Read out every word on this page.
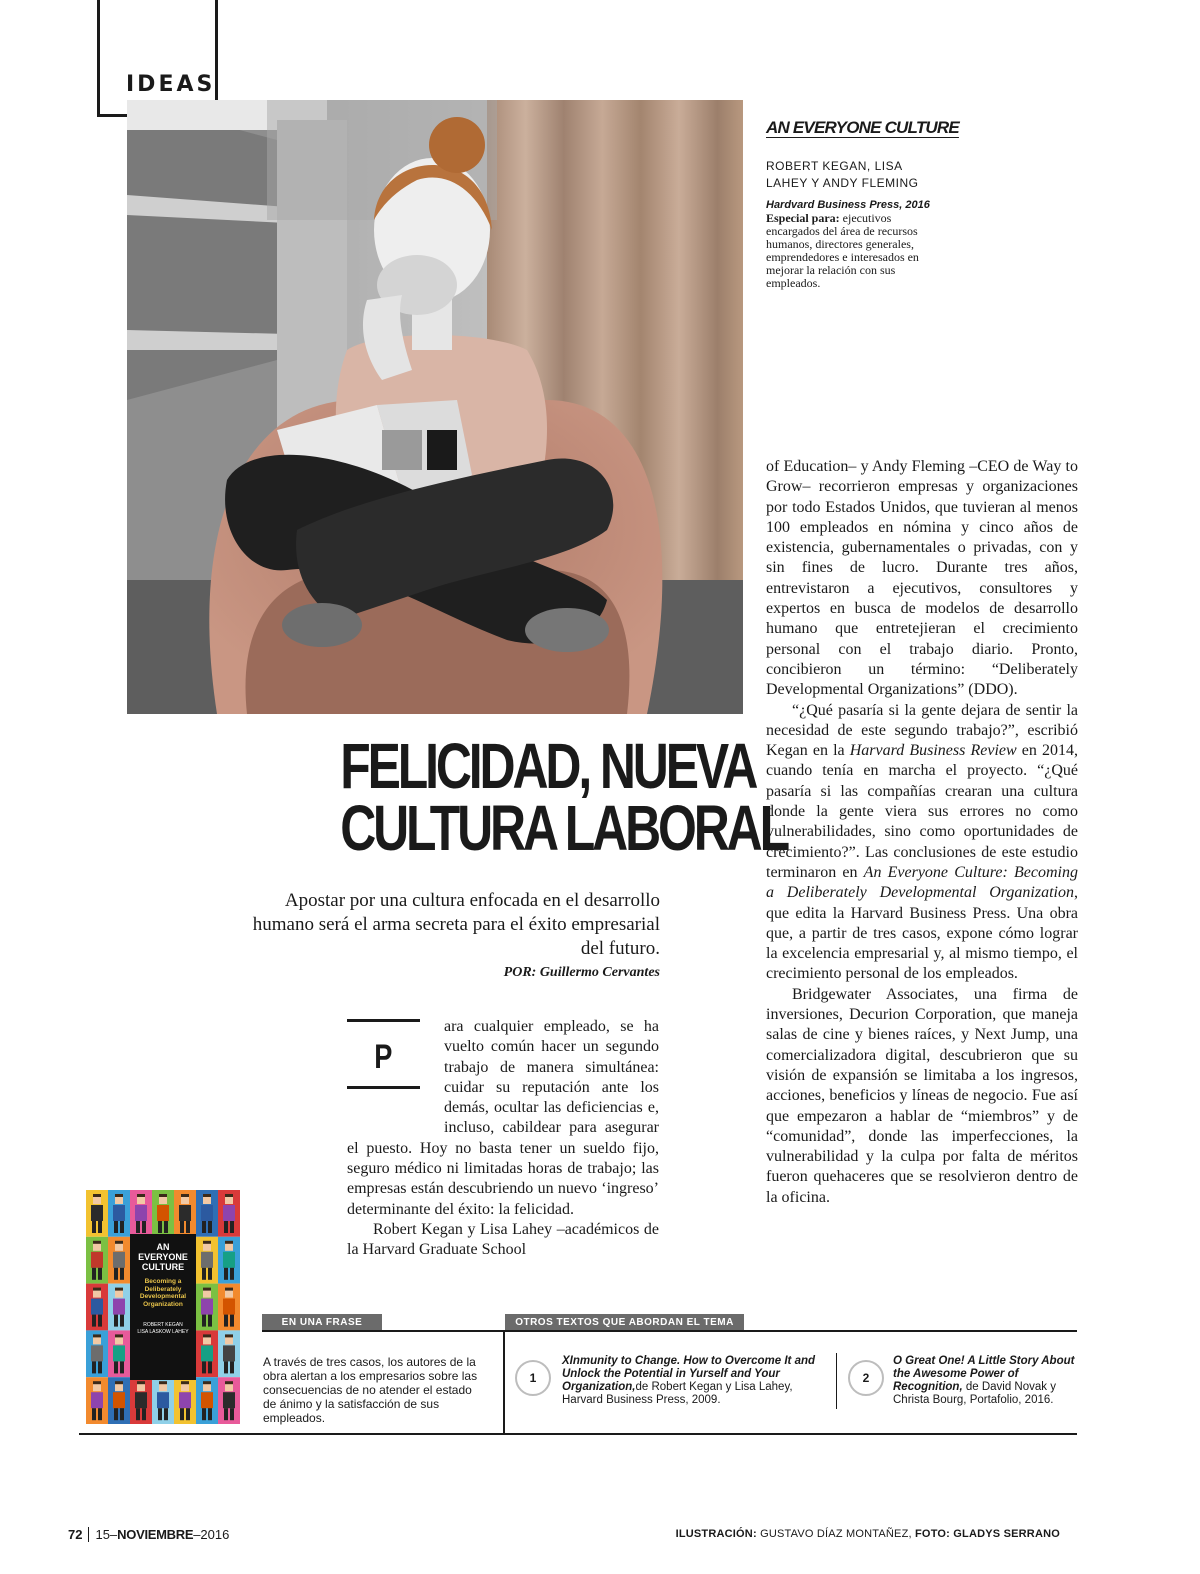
IDEAS
AN EVERYONE CULTURE
ROBERT KEGAN, LISA
LAHEY Y ANDY FLEMING
Hardvard Business Press, 2016
Especial para: ejecutivos encargados del área de recursos humanos, directores generales, emprendedores e interesados en mejorar la relación con sus empleados.
FELICIDAD, NUEVA
CULTURA LABORAL
Apostar por una cultura enfocada en el desarrollo humano será el arma secreta para el éxito empresarial del futuro.
POR: Guillermo Cervantes
P

ara cualquier empleado, se ha vuelto común hacer un segundo trabajo de manera simultánea: cuidar su reputación ante los demás, ocultar las deficiencias e, incluso, cabildear para asegurar el puesto. Hoy no basta tener un sueldo fijo, seguro médico ni limitadas horas de trabajo; las empresas están descubriendo un nuevo ‘ingreso’ determinante del éxito: la felicidad.

Robert Kegan y Lisa Lahey –académicos de la Harvard Graduate School

of Education– y Andy Fleming –CEO de Way to Grow– recorrieron empresas y organizaciones por todo Estados Unidos, que tuvieran al menos 100 empleados en nómina y cinco años de existencia, gubernamentales o privadas, con y sin fines de lucro. Durante tres años, entrevistaron a ejecutivos, consultores y expertos en busca de modelos de desarrollo humano que entretejieran el crecimiento personal con el trabajo diario. Pronto, concibieron un término: “Deliberately Developmental Organizations” (DDO).

“¿Qué pasaría si la gente dejara de sentir la necesidad de este segundo trabajo?”, escribió Kegan en la Harvard Business Review en 2014, cuando tenía en marcha el proyecto. “¿Qué pasaría si las compañías crearan una cultura donde la gente viera sus errores no como vulnerabilidades, sino como oportunidades de crecimiento?”. Las conclusiones de este estudio terminaron en An Everyone Culture: Becoming a Deliberately Developmental Organization, que edita la Harvard Business Press. Una obra que, a partir de tres casos, expone cómo lograr la excelencia empresarial y, al mismo tiempo, el crecimiento personal de los empleados.

Bridgewater Associates, una firma de inversiones, Decurion Corporation, que maneja salas de cine y bienes raíces, y Next Jump, una comercializadora digital, descubrieron que su visión de expansión se limitaba a los ingresos, acciones, beneficios y líneas de negocio. Fue así que empezaron a hablar de “miembros” y de “comunidad”, donde las imperfecciones, la vulnerabilidad y la culpa por falta de méritos fueron quehaceres que se resolvieron dentro de la oficina.

AN
EVERYONE
CULTURE
Becoming a Deliberately Developmental Organization
ROBERT KEGAN
LISA LASKOW LAHEY
EN UNA FRASE	OTROS TEXTOS QUE ABORDAN EL TEMA
A través de tres casos, los autores de la obra alertan a los empresarios sobre las consecuencias de no atender el estado de ánimo y la satisfacción de sus empleados.
1
XInmunity to Change. How to Overcome It and Unlock the Potential in Yurself and Your Organization,de Robert Kegan y Lisa Lahey, Harvard Business Press, 2009.
2
O Great One! A Little Story About the Awesome Power of Recognition, de David Novak y Christa Bourg, Portafolio, 2016.
72 15– NOVIEMBRE –2016	ILUSTRACIÓN: GUSTAVO DÍAZ MONTAÑEZ, FOTO: GLADYS SERRANO
